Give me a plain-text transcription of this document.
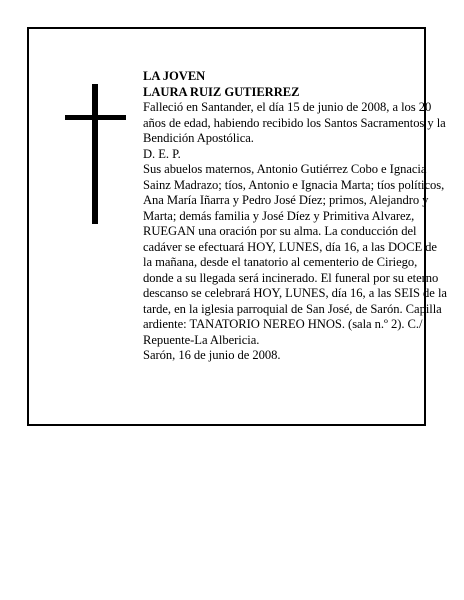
LA JOVEN

LAURA RUIZ GUTIERREZ

Falleció en Santander, el día 15 de junio de 2008, a los 20 años de edad, habiendo recibido los Santos Sacramentos y la Bendición Apostólica.

D. E. P.

Sus abuelos maternos, Antonio Gutiérrez Cobo e Ignacia Sainz Madrazo; tíos, Antonio e Ignacia Marta; tíos políticos, Ana María Iñarra y Pedro José Díez; primos, Alejandro y Marta; demás familia y José Díez y Primitiva Alvarez,

RUEGAN una oración por su alma. La conducción del cadáver se efectuará HOY, LUNES, día 16, a las DOCE de la mañana, desde el tanatorio al cementerio de Ciriego, donde a su llegada será incinerado. El funeral por su eterno descanso se celebrará HOY, LUNES, día 16, a las SEIS de la tarde, en la iglesia parroquial de San José, de Sarón. Capilla ardiente: TANATORIO NEREO HNOS. (sala n.º 2). C./ Repuente-La Albericia.

Sarón, 16 de junio de 2008.
